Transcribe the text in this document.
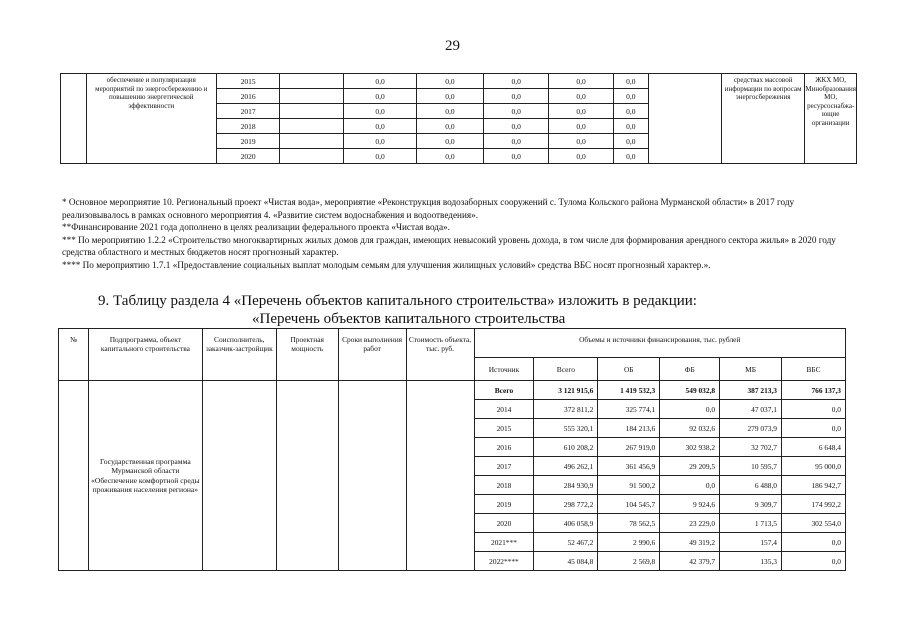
29
	обеспечение и популяризация мероприятий по энергосбережению и повышению энергетической эффективности	2015		0,0	0,0	0,0	0,0	0,0		средствах массовой информации по вопросам энергосбережения	ЖКХ МО, Минобразования МО, ресурсоснабжа-ющие организации
		2016		0,0	0,0	0,0	0,0	0,0			
		2017		0,0	0,0	0,0	0,0	0,0			
		2018		0,0	0,0	0,0	0,0	0,0			
		2019		0,0	0,0	0,0	0,0	0,0			
		2020		0,0	0,0	0,0	0,0	0,0			

* Основное мероприятие 10. Региональный проект «Чистая вода», мероприятие «Реконструкция водозаборных сооружений с. Тулома Кольского района Мурманской области» в 2017 году реализовывалось в рамках основного мероприятия 4. «Развитие систем водоснабжения и водоотведения».

**Финансирование 2021 года дополнено в целях реализации федерального проекта «Чистая вода».

*** По мероприятию 1.2.2 «Строительство многоквартирных жилых домов для граждан, имеющих невысокий уровень дохода, в том числе для формирования арендного сектора жилья» в 2020 году средства областного и местных бюджетов носят прогнозный характер.

**** По мероприятию 1.7.1 «Предоставление социальных выплат молодым семьям для улучшения жилищных условий» средства ВБС носят прогнозный характер.».

9. Таблицу раздела 4 «Перечень объектов капитального строительства» изложить в редакции:
«Перечень объектов капитального строительства
№	Подпрограмма, объект капитального строительства	Соисполнитель, заказчик-застройщик	Проектная мощность	Сроки выполнения работ	Стоимость объекта, тыс. руб.	Объемы и источники финансирования, тыс. рублей					
						Источник	Всего	ОБ	ФБ	МБ	ВБС
	Государственная программа Мурманской области «Обеспечение комфортной среды проживания населения региона»					Всего	3 121 915,6	1 419 532,3	549 032,8	387 213,3	766 137,3
						2014	372 811,2	325 774,1	0,0	47 037,1	0,0
						2015	555 320,1	184 213,6	92 032,6	279 073,9	0,0
						2016	610 208,2	267 919,0	302 938,2	32 702,7	6 648,4
						2017	496 262,1	361 456,9	29 209,5	10 595,7	95 000,0
						2018	284 930,9	91 500,2	0,0	6 488,0	186 942,7
						2019	298 772,2	104 545,7	9 924,6	9 309,7	174 992,2
						2020	406 058,9	78 562,5	23 229,0	1 713,5	302 554,0
						2021***	52 467,2	2 990,6	49 319,2	157,4	0,0
						2022****	45 084,8	2 569,8	42 379,7	135,3	0,0
